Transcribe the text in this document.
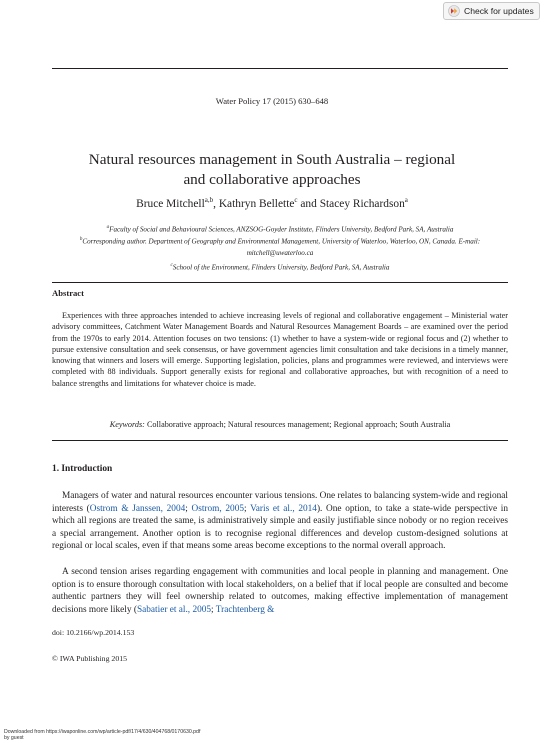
Check for updates
Water Policy 17 (2015) 630–648
Natural resources management in South Australia – regional
and collaborative approaches
Bruce Mitchell$^{a,b}$, Kathryn Bellette$^c$ and Stacey Richardson$^a$
$^a$Faculty of Social and Behavioural Sciences, ANZSOG-Goyder Institute, Flinders University, Bedford Park, SA, Australia
$^b$Corresponding author. Department of Geography and Environmental Management, University of Waterloo, Waterloo, ON, Canada. E-mail: mitchell@uwaterloo.ca
$^c$School of the Environment, Flinders University, Bedford Park, SA, Australia
Abstract
Experiences with three approaches intended to achieve increasing levels of regional and collaborative engagement – Ministerial water advisory committees, Catchment Water Management Boards and Natural Resources Management Boards – are examined over the period from the 1970s to early 2014. Attention focuses on two tensions: (1) whether to have a system-wide or regional focus and (2) whether to pursue extensive consultation and seek consensus, or have government agencies limit consultation and take decisions in a timely manner, knowing that winners and losers will emerge. Supporting legislation, policies, plans and programmes were reviewed, and interviews were completed with 88 individuals. Support generally exists for regional and collaborative approaches, but with recognition of a need to balance strengths and limitations for whatever choice is made.
Keywords: Collaborative approach; Natural resources management; Regional approach; South Australia
1. Introduction
Managers of water and natural resources encounter various tensions. One relates to balancing system-wide and regional interests (Ostrom & Janssen, 2004; Ostrom, 2005; Varis et al., 2014). One option, to take a state-wide perspective in which all regions are treated the same, is administratively simple and easily justifiable since nobody or no region receives a special arrangement. Another option is to recognise regional differences and develop custom-designed solutions at regional or local scales, even if that means some areas become exceptions to the normal overall approach.
A second tension arises regarding engagement with communities and local people in planning and management. One option is to ensure thorough consultation with local stakeholders, on a belief that if local people are consulted and become authentic partners they will feel ownership related to outcomes, making effective implementation of management decisions more likely (Sabatier et al., 2005; Trachtenberg &
doi: 10.2166/wp.2014.153
© IWA Publishing 2015
Downloaded from https://iwaponline.com/wp/article-pdf/17/4/630/404768/0170630.pdf
by guest
